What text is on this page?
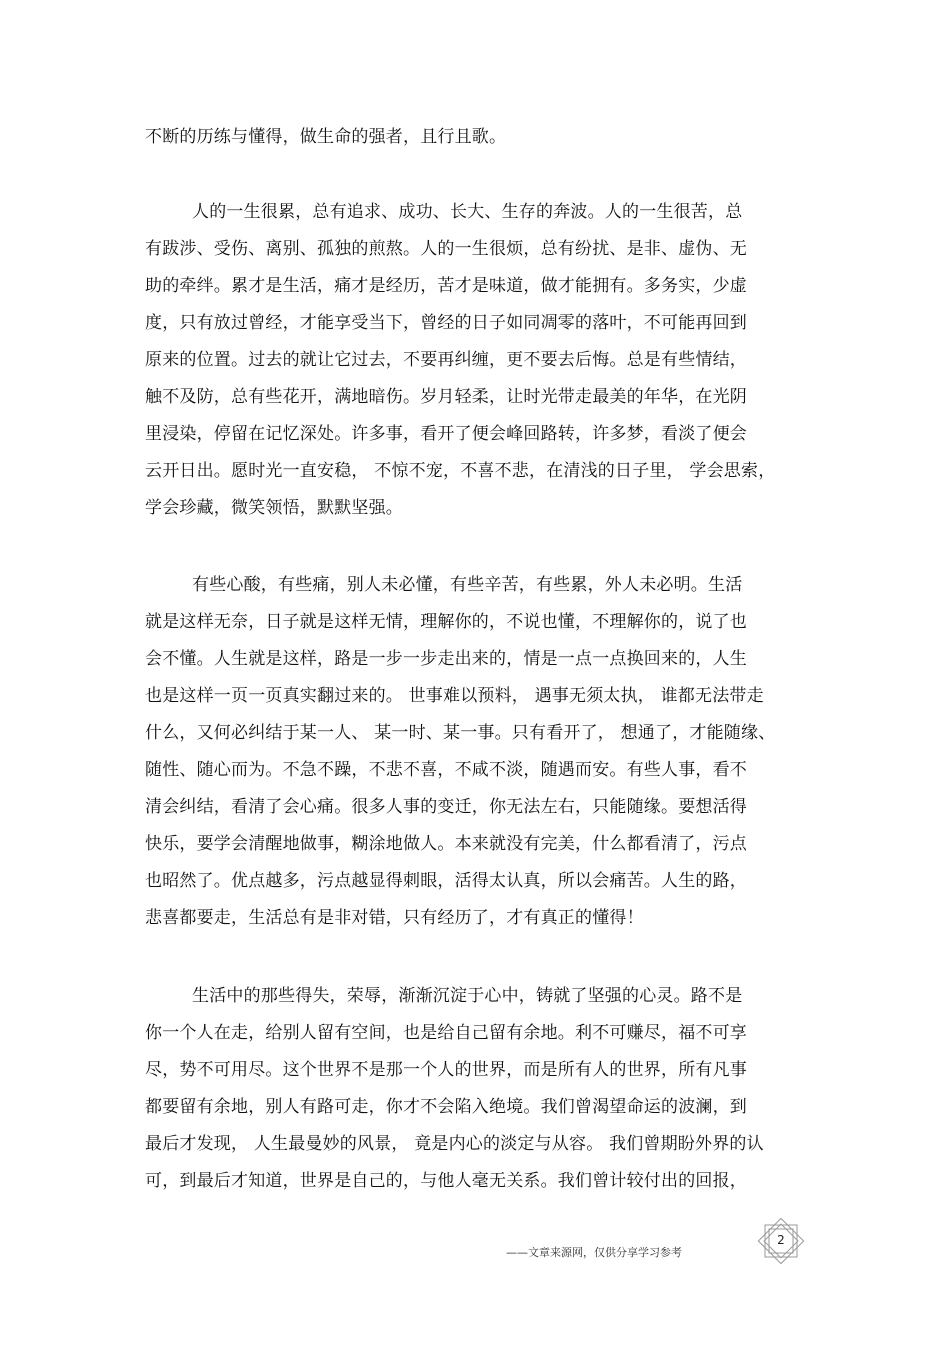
不断的历练与懂得，做生命的强者，且行且歌。
人的一生很累，总有追求、成功、长大、生存的奔波。人的一生很苦，总
有跋涉、受伤、离别、孤独的煎熬。人的一生很烦，总有纷扰、是非、虚伪、无
助的牵绊。累才是生活，痛才是经历，苦才是味道，做才能拥有。多务实，少虚
度，只有放过曾经，才能享受当下，曾经的日子如同凋零的落叶，不可能再回到
原来的位置。过去的就让它过去，不要再纠缠，更不要去后悔。总是有些情结，
触不及防，总有些花开，满地暗伤。岁月轻柔，让时光带走最美的年华，在光阴
里浸染，停留在记忆深处。许多事，看开了便会峰回路转，许多梦，看淡了便会
云开日出。愿时光一直安稳， 不惊不宠，不喜不悲，在清浅的日子里， 学会思索，
学会珍藏，微笑领悟，默默坚强。
有些心酸，有些痛，别人未必懂，有些辛苦，有些累，外人未必明。生活
就是这样无奈，日子就是这样无情，理解你的，不说也懂，不理解你的，说了也
会不懂。人生就是这样，路是一步一步走出来的，情是一点一点换回来的，人生
也是这样一页一页真实翻过来的。 世事难以预料， 遇事无须太执， 谁都无法带走
什么，又何必纠结于某一人、 某一时、某一事。只有看开了， 想通了，才能随缘、
随性、随心而为。不急不躁，不悲不喜，不咸不淡，随遇而安。有些人事，看不
清会纠结，看清了会心痛。很多人事的变迁，你无法左右，只能随缘。要想活得
快乐，要学会清醒地做事，糊涂地做人。本来就没有完美，什么都看清了，污点
也昭然了。优点越多，污点越显得刺眼，活得太认真，所以会痛苦。人生的路，
悲喜都要走，生活总有是非对错，只有经历了，才有真正的懂得！
生活中的那些得失，荣辱，渐渐沉淀于心中，铸就了坚强的心灵。路不是
你一个人在走，给别人留有空间，也是给自己留有余地。利不可赚尽，福不可享
尽，势不可用尽。这个世界不是那一个人的世界，而是所有人的世界，所有凡事
都要留有余地，别人有路可走，你才不会陷入绝境。我们曾渴望命运的波澜，到
最后才发现， 人生最曼妙的风景， 竟是内心的淡定与从容。 我们曾期盼外界的认
可，到最后才知道，世界是自己的，与他人毫无关系。我们曾计较付出的回报，
——文章来源网，仅供分享学习参考
2
